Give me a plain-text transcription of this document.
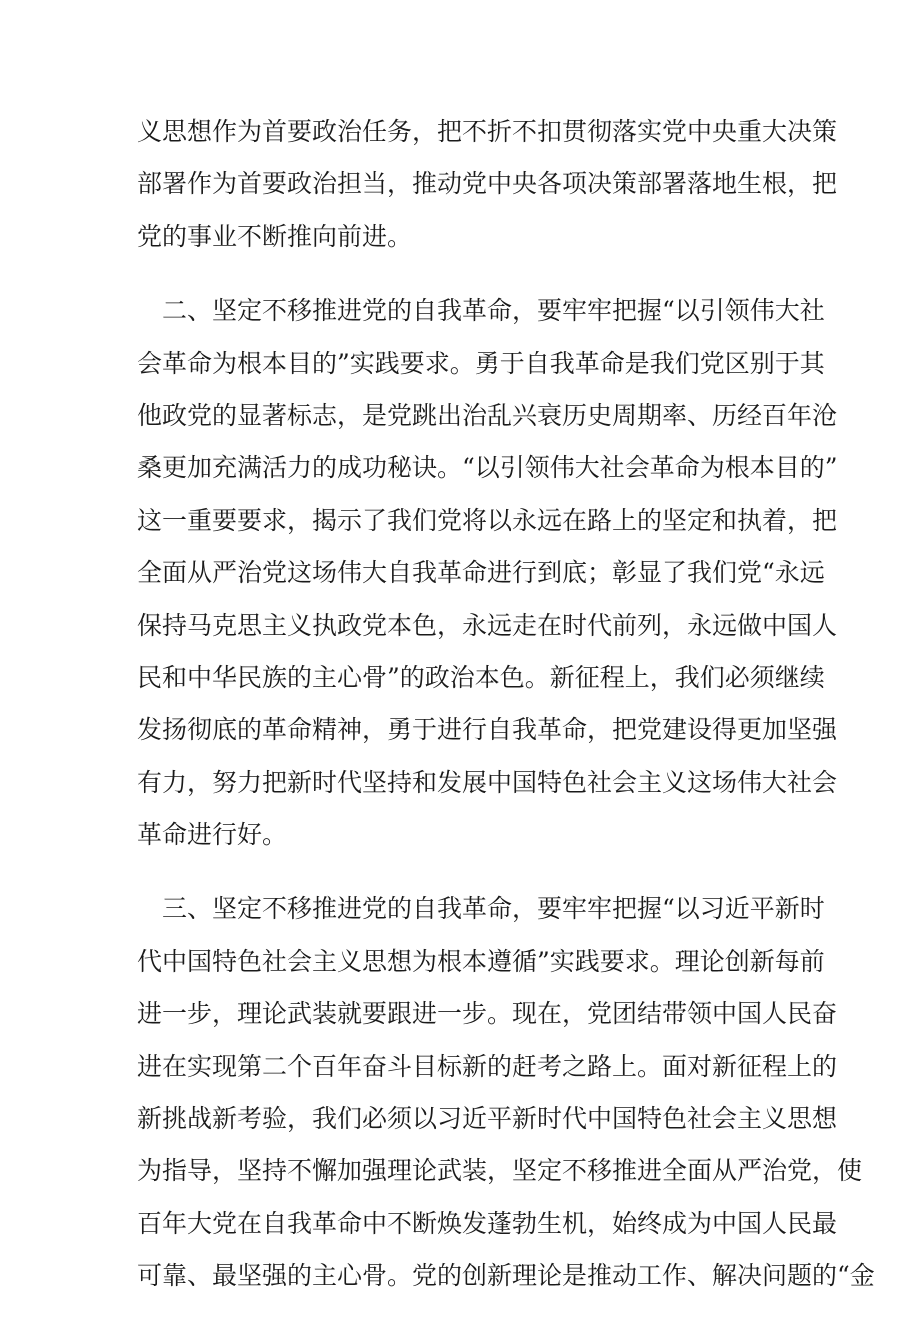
义思想作为首要政治任务，把不折不扣贯彻落实党中央重大决策
部署作为首要政治担当，推动党中央各项决策部署落地生根，把
党的事业不断推向前进。

　二、坚定不移推进党的自我革命，要牢牢把握“以引领伟大社
会革命为根本目的”实践要求。勇于自我革命是我们党区别于其
他政党的显著标志，是党跳出治乱兴衰历史周期率、历经百年沧
桑更加充满活力的成功秘诀。“以引领伟大社会革命为根本目的”
这一重要要求，揭示了我们党将以永远在路上的坚定和执着，把
全面从严治党这场伟大自我革命进行到底；彰显了我们党“永远
保持马克思主义执政党本色，永远走在时代前列，永远做中国人
民和中华民族的主心骨”的政治本色。新征程上，我们必须继续
发扬彻底的革命精神，勇于进行自我革命，把党建设得更加坚强
有力，努力把新时代坚持和发展中国特色社会主义这场伟大社会
革命进行好。

　三、坚定不移推进党的自我革命，要牢牢把握“以习近平新时
代中国特色社会主义思想为根本遵循”实践要求。理论创新每前
进一步，理论武装就要跟进一步。现在，党团结带领中国人民奋
进在实现第二个百年奋斗目标新的赶考之路上。面对新征程上的
新挑战新考验，我们必须以习近平新时代中国特色社会主义思想
为指导，坚持不懈加强理论武装，坚定不移推进全面从严治党，使
百年大党在自我革命中不断焕发蓬勃生机，始终成为中国人民最
可靠、最坚强的主心骨。党的创新理论是推动工作、解决问题的“金
